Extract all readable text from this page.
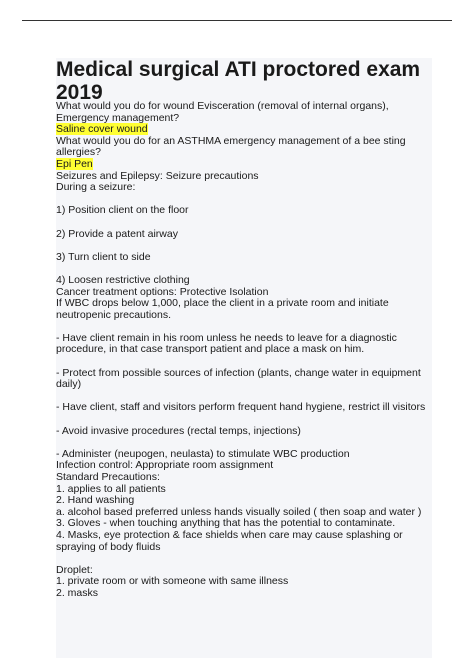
Medical surgical ATI proctored exam
2019

What would you do for wound Evisceration (removal of internal organs), Emergency management?

Saline cover wound

What would you do for an ASTHMA emergency management of a bee sting allergies?

Epi Pen

Seizures and Epilepsy: Seizure precautions

During a seizure:

1) Position client on the floor

2) Provide a patent airway

3) Turn client to side

4) Loosen restrictive clothing

Cancer treatment options: Protective Isolation

If WBC drops below 1,000, place the client in a private room and initiate neutropenic precautions.

- Have client remain in his room unless he needs to leave for a diagnostic procedure, in that case transport patient and place a mask on him.

- Protect from possible sources of infection (plants, change water in equipment daily)

- Have client, staff and visitors perform frequent hand hygiene, restrict ill visitors

- Avoid invasive procedures (rectal temps, injections)

- Administer (neupogen, neulasta) to stimulate WBC production

Infection control: Appropriate room assignment

Standard Precautions:

1. applies to all patients

2. Hand washing

a. alcohol based preferred unless hands visually soiled ( then soap and water )

3. Gloves - when touching anything that has the potential to contaminate.

4. Masks, eye protection & face shields when care may cause splashing or spraying of body fluids

Droplet:

1. private room or with someone with same illness

2. masks
